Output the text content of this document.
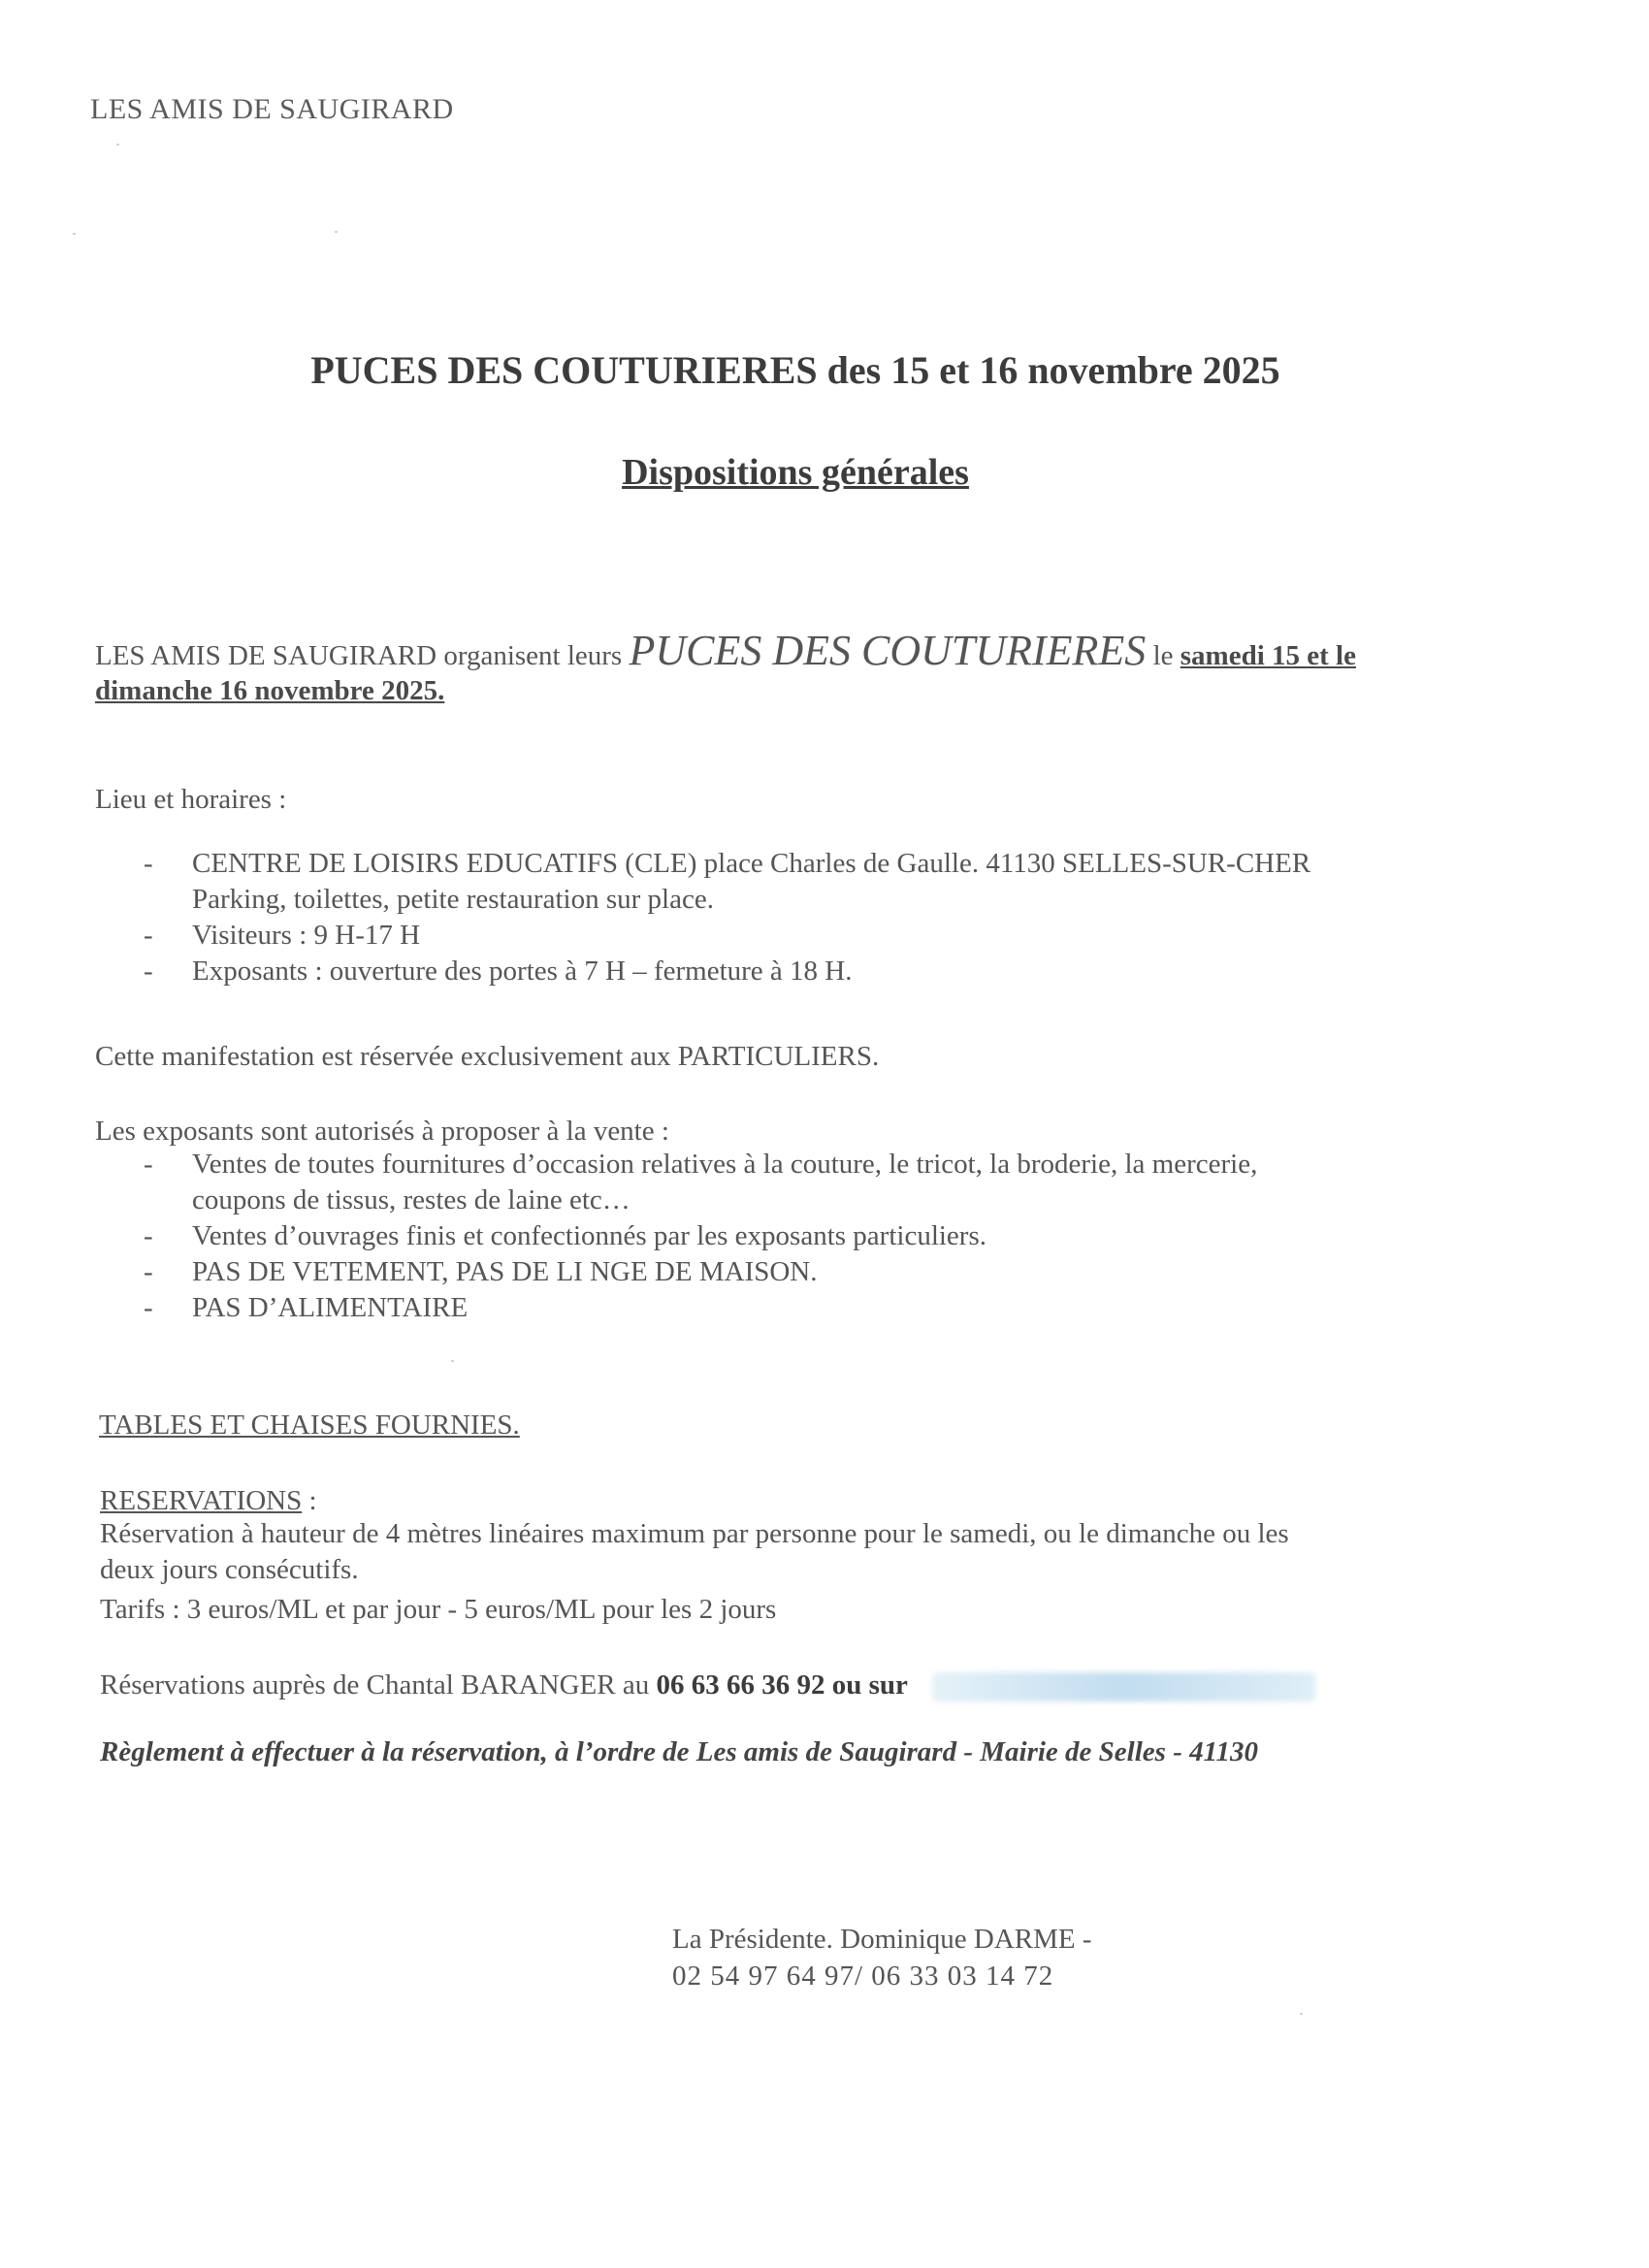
LES AMIS DE SAUGIRARD
PUCES DES COUTURIERES des 15 et 16 novembre 2025
Dispositions générales
LES AMIS DE SAUGIRARD organisent leurs PUCES DES COUTURIERES le samedi 15 et le
dimanche 16 novembre 2025.
Lieu et horaires :
- CENTRE DE LOISIRS EDUCATIFS (CLE) place Charles de Gaulle. 41130 SELLES-SUR-CHER
Parking, toilettes, petite restauration sur place.
- Visiteurs : 9 H-17 H
- Exposants : ouverture des portes à 7 H – fermeture à 18 H.
Cette manifestation est réservée exclusivement aux PARTICULIERS.
Les exposants sont autorisés à proposer à la vente :
- Ventes de toutes fournitures d’occasion relatives à la couture, le tricot, la broderie, la mercerie,
coupons de tissus, restes de laine etc…
- Ventes d’ouvrages finis et confectionnés par les exposants particuliers.
- PAS DE VETEMENT, PAS DE LI NGE DE MAISON.
- PAS D’ALIMENTAIRE
TABLES ET CHAISES FOURNIES.
RESERVATIONS :
Réservation à hauteur de 4 mètres linéaires maximum par personne pour le samedi, ou le dimanche ou les
deux jours consécutifs.
Tarifs : 3 euros/ML et par jour - 5 euros/ML pour les 2 jours
Réservations auprès de Chantal BARANGER au 06 63 66 36 92 ou sur
Règlement à effectuer à la réservation, à l’ordre de Les amis de Saugirard - Mairie de Selles - 41130
La Présidente. Dominique DARME -
02 54 97 64 97/ 06 33 03 14 72
